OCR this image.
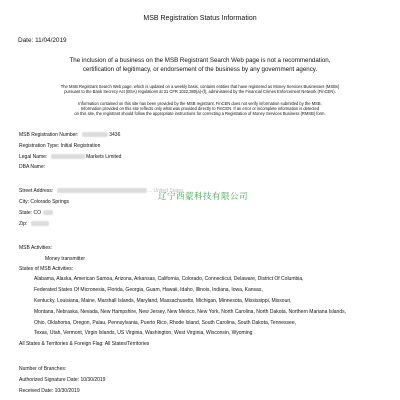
MSB Registration Status Information
Date: 11/04/2019
The inclusion of a business on the MSB Registrant Search Web page is not a recommendation,
certification of legitimacy, or endorsement of the business by any government agency.
The MSB Registrant Search Web page, which is updated on a weekly basis, contains entities that have registered as Money Services Businesses (MSBs)
pursuant to the Bank Secrecy Act (BSA) regulations at 31 CFR 1022.380(a)-(f), administered by the Financial Crimes Enforcement Network (FinCEN).
Information contained on this site has been provided by the MSB registrant. FinCEN does not verify information submitted by the MSB.
Information provided on this site reflects only what was provided directly to FinCEN. If an error or incomplete information is detected
on this site, the registrant should follow the appropriate instructions for correcting a Registration of Money Services Business (RMSB) form.
MSB Registration Number:	3436
Registration Type: Initial Registration
Legal Name:	Markets Limited
DBA Name:
Street Address:	... United States
City: Colorado Springs
State: CO
Zip:
辽宁西蒙科技有限公司
MSB Activities:
Money transmitter
States of MSB Activities:
Alabama, Alaska, American Samoa, Arizona, Arkansas, California, Colorado, Connecticut, Delaware, District Of Columbia,
Federated States Of Micronesia, Florida, Georgia, Guam, Hawaii, Idaho, Illinois, Indiana, Iowa, Kansas,
Kentucky, Louisiana, Maine, Marshall Islands, Maryland, Massachusetts, Michigan, Minnesota, Mississippi, Missouri,
Montana, Nebraska, Nevada, New Hampshire, New Jersey, New Mexico, New York, North Carolina, North Dakota, Northern Mariana Islands,
Ohio, Oklahoma, Oregon, Palau, Pennsylvania, Puerto Rico, Rhode Island, South Carolina, South Dakota, Tennessee,
Texas, Utah, Vermont, Virgin Islands, US Virginia, Washington, West Virginia, Wisconsin, Wyoming
All States & Territories & Foreign Flag: All States/Territories
Number of Branches:
Authorized Signature Date: 10/30/2019
Received Date: 10/30/2019
